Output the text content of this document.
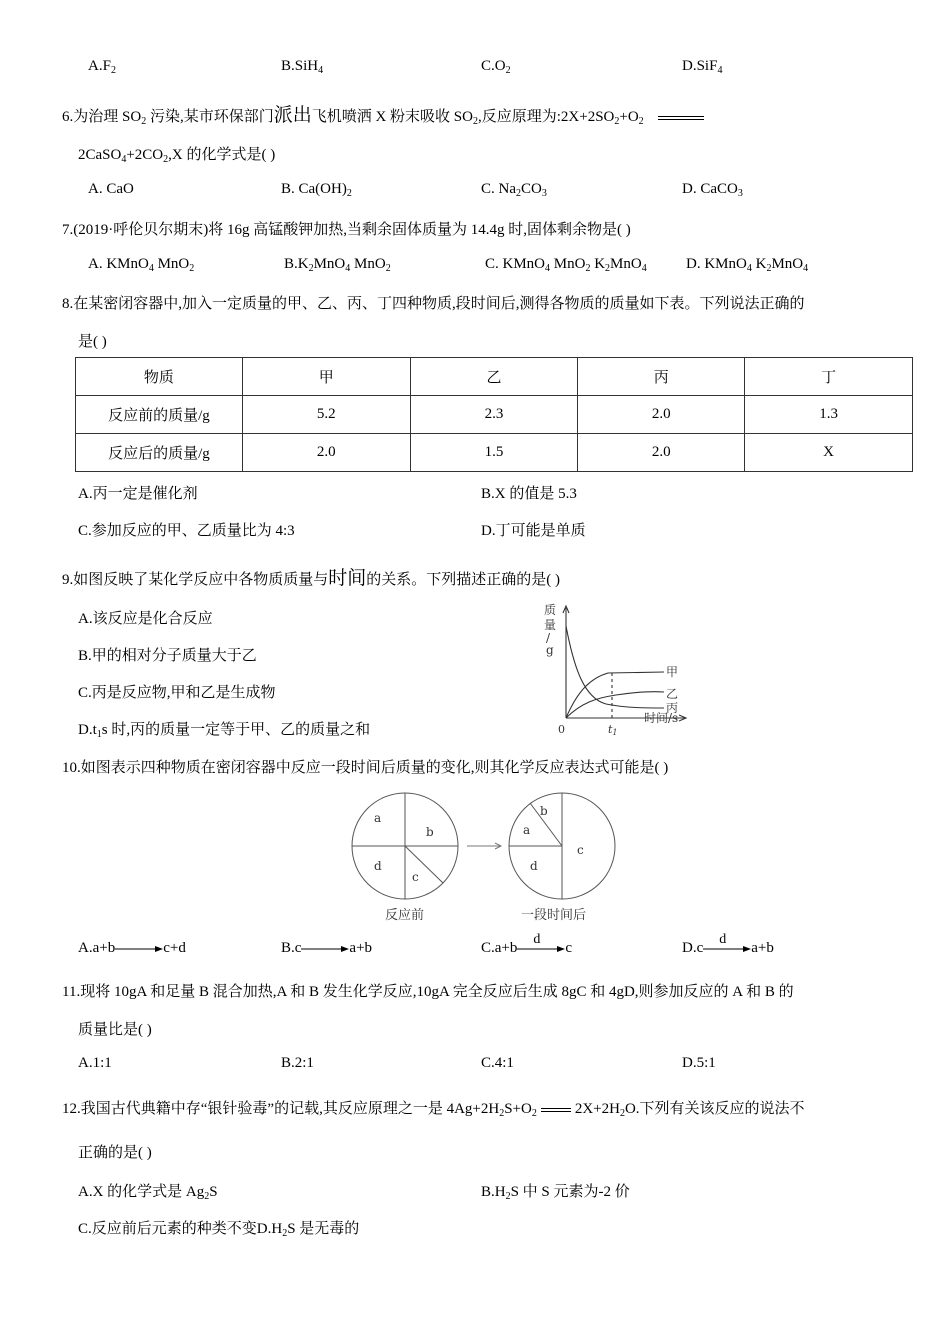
$A.F_2$	B.SiH$_4$	$C.O_2$	D.SiF$_4$
6.为治理 $SO_2$ 污染,某市环保部门派出飞机喷洒 X 粉末吸收 $SO_2$,反应原理为$:2X+2SO_2+O_2$
$2CaSO_4+2CO_2,X$ 的化学式是( )
A. CaO	B. $Ca(OH)_2$	C. $Na_2CO_3$	D. CaCO$_3$
7.(2019·呼伦贝尔期末)将 16g 高锰酸钾加热,当剩余固体质量为 14.4g 时,固体剩余物是( )
A. KMnO$_4$ MnO$_2$	$B.K_2MnO_4$ MnO$_2$	C. KMnO$_4$ MnO$_2$ $K_2MnO_4$	D. KMnO$_4$ $K_2MnO_4$
8.在某密闭容器中,加入一定质量的甲、乙、丙、丁四种物质,段时间后,测得各物质的质量如下表。下列说法正确的
是( )
物质	甲	乙	丙	丁
反应前的质量/g	5.2	2.3	2.0	1.3
反应后的质量/g	2.0	1.5	2.0	X
A.丙一定是催化剂	B.X 的值是 5.3
C.参加反应的甲、乙质量比为 4:3	D.丁可能是单质
9.如图反映了某化学反应中各物质质量与时间的关系。下列描述正确的是( )
A.该反应是化合反应
B.甲的相对分子质量大于乙
C.丙是反应物,甲和乙是生成物
$D.t_1s$ 时,丙的质量一定等于甲、乙的质量之和
质
量
/
g
0	t1
时间/s
甲
乙
丙
10.如图表示四种物质在密闭容器中反应一段时间后质量的变化,则其化学反应表达式可能是( )
a
b
c
d
a
b
c
d
反应前	一段时间后
A.a+b	c+d	B.c	a+b	C.a+b
d
c	D.c
d
a+b
11.现将 10gA 和足量 B 混合加热,A 和 B 发生化学反应,10gA 完全反应后生成 8gC 和 4gD,则参加反应的 A 和 B 的
质量比是( )
A.1:1	B.2:1	C.4:1	D.5:1
12.我国古代典籍中存“银针验毒”的记载,其反应原理之一是 $4Ag+2H_2S+O_2$	$2X+2H_2O$.下列有关该反应的说法不
正确的是( )
A.X 的化学式是 $Ag_2S$	$B.H_2S$ 中 S 元素为-2 价
C.反应前后元素的种类不变$D.H_2S$ 是无毒的
